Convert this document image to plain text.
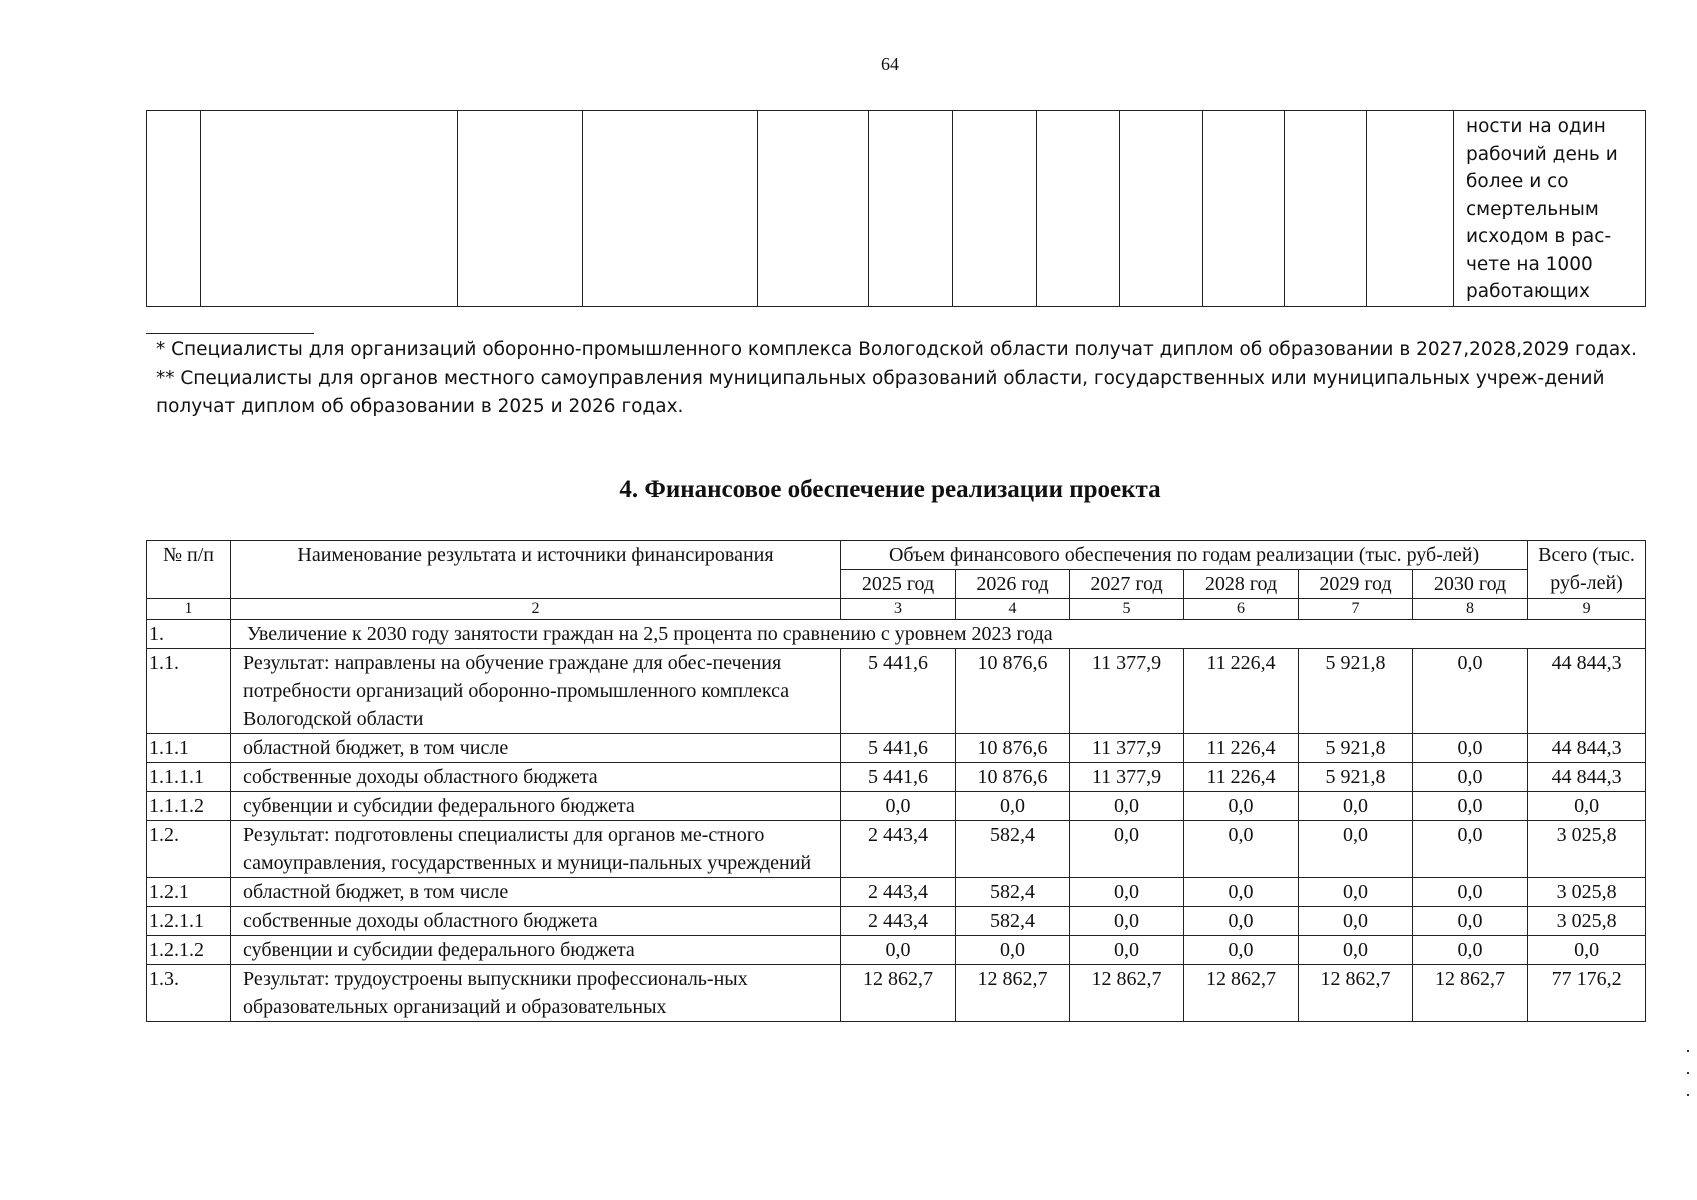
64

ности на один
рабочий день и
более и со
смертельным
исходом в рас-
чете на 1000
работающих

* Специалисты для организаций оборонно-промышленного комплекса Вологодской области получат диплом об образовании в 2027,2028,2029 годах.

** Специалисты для органов местного самоуправления муниципальных образований области, государственных или муниципальных учреж-дений получат диплом об образовании в 2025 и 2026 годах.

4. Финансовое обеспечение реализации проекта
№ п/п	Наименование результата и источники финансирования	Объем финансового обеспечения по годам реализации (тыс. руб-лей)						Всего (тыс. руб-лей)
		2025 год	2026 год	2027 год	2028 год	2029 год	2030 год	
1	2	3	4	5	6	7	8	9
1.	Увеличение к 2030 году занятости граждан на 2,5 процента по сравнению с уровнем 2023 года							
1.1.	Результат: направлены на обучение граждане для обес-печения потребности организаций оборонно-промышленного комплекса Вологодской области	5 441,6	10 876,6	11 377,9	11 226,4	5 921,8	0,0	44 844,3
1.1.1	областной бюджет, в том числе	5 441,6	10 876,6	11 377,9	11 226,4	5 921,8	0,0	44 844,3
1.1.1.1	собственные доходы областного бюджета	5 441,6	10 876,6	11 377,9	11 226,4	5 921,8	0,0	44 844,3
1.1.1.2	субвенции и субсидии федерального бюджета	0,0	0,0	0,0	0,0	0,0	0,0	0,0
1.2.	Результат: подготовлены специалисты для органов ме-стного самоуправления, государственных и муници-пальных учреждений	2 443,4	582,4	0,0	0,0	0,0	0,0	3 025,8
1.2.1	областной бюджет, в том числе	2 443,4	582,4	0,0	0,0	0,0	0,0	3 025,8
1.2.1.1	собственные доходы областного бюджета	2 443,4	582,4	0,0	0,0	0,0	0,0	3 025,8
1.2.1.2	субвенции и субсидии федерального бюджета	0,0	0,0	0,0	0,0	0,0	0,0	0,0
1.3.	Результат: трудоустроены выпускники профессиональ-ных образовательных организаций и образовательных	12 862,7	12 862,7	12 862,7	12 862,7	12 862,7	12 862,7	77 176,2
